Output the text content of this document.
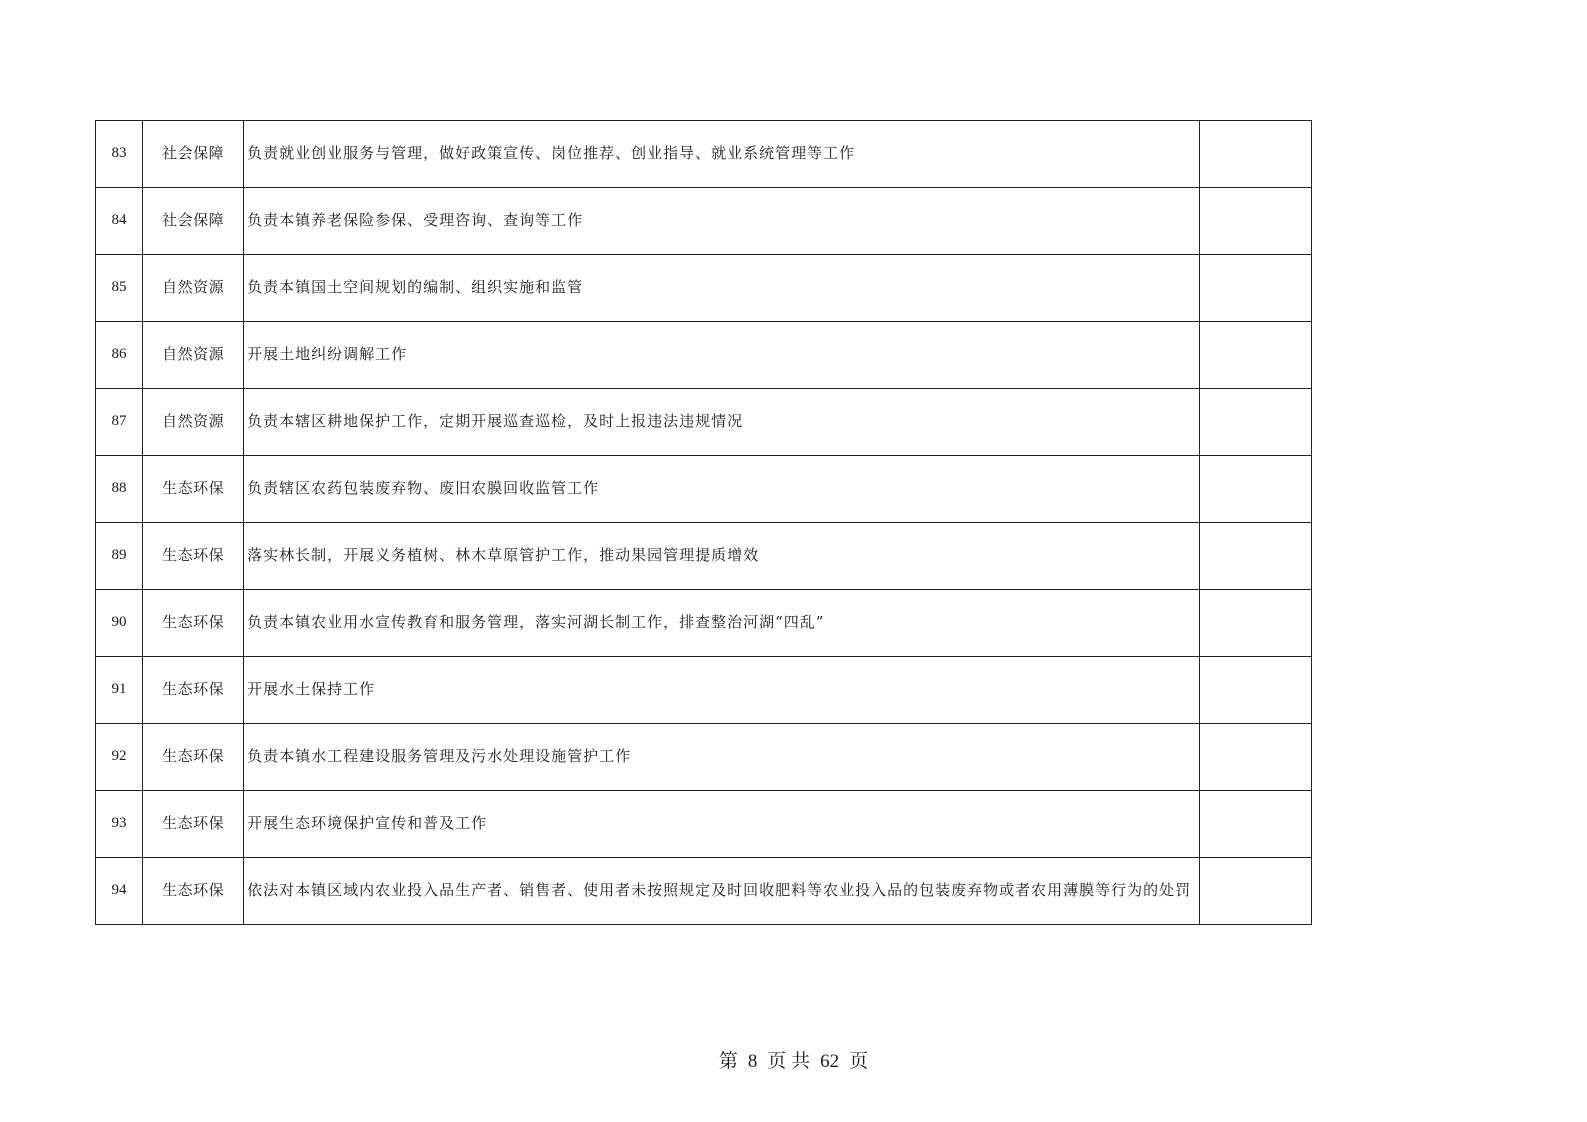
83	社会保障	负责就业创业服务与管理，做好政策宣传、岗位推荐、创业指导、就业系统管理等工作	
84	社会保障	负责本镇养老保险参保、受理咨询、查询等工作	
85	自然资源	负责本镇国土空间规划的编制、组织实施和监管	
86	自然资源	开展土地纠纷调解工作	
87	自然资源	负责本辖区耕地保护工作，定期开展巡查巡检，及时上报违法违规情况	
88	生态环保	负责辖区农药包装废弃物、废旧农膜回收监管工作	
89	生态环保	落实林长制，开展义务植树、林木草原管护工作，推动果园管理提质增效	
90	生态环保	负责本镇农业用水宣传教育和服务管理，落实河湖长制工作，排查整治河湖“四乱”	
91	生态环保	开展水土保持工作	
92	生态环保	负责本镇水工程建设服务管理及污水处理设施管护工作	
93	生态环保	开展生态环境保护宣传和普及工作	
94	生态环保	依法对本镇区域内农业投入品生产者、销售者、使用者未按照规定及时回收肥料等农业投入品的包装废弃物或者农用薄膜等行为的处罚	
第 8 页 共 62 页
